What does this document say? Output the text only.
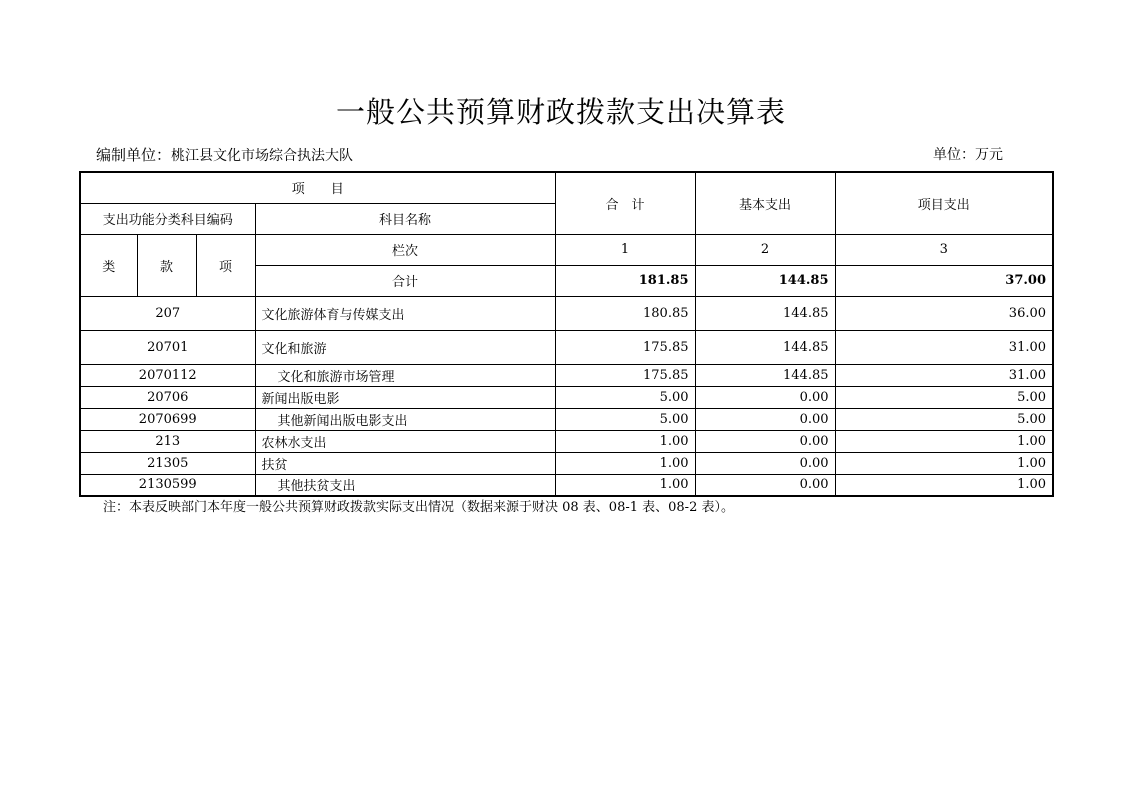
一般公共预算财政拨款支出决算表
编制单位：桃江县文化市场综合执法大队	单位：万元
项　　目				合　计	基本支出	项目支出
支出功能分类科目编码			科目名称			
类	款	项	栏次	1	2	3
			合计	181.85	144.85	37.00
207			文化旅游体育与传媒支出	180.85	144.85	36.00
20701			文化和旅游	175.85	144.85	31.00
2070112			文化和旅游市场管理	175.85	144.85	31.00
20706			新闻出版电影	5.00	0.00	5.00
2070699			其他新闻出版电影支出	5.00	0.00	5.00
213			农林水支出	1.00	0.00	1.00
21305			扶贫	1.00	0.00	1.00
2130599			其他扶贫支出	1.00	0.00	1.00
注：本表反映部门本年度一般公共预算财政拨款实际支出情况（数据来源于财决 08 表、08-1 表、08-2 表）。
